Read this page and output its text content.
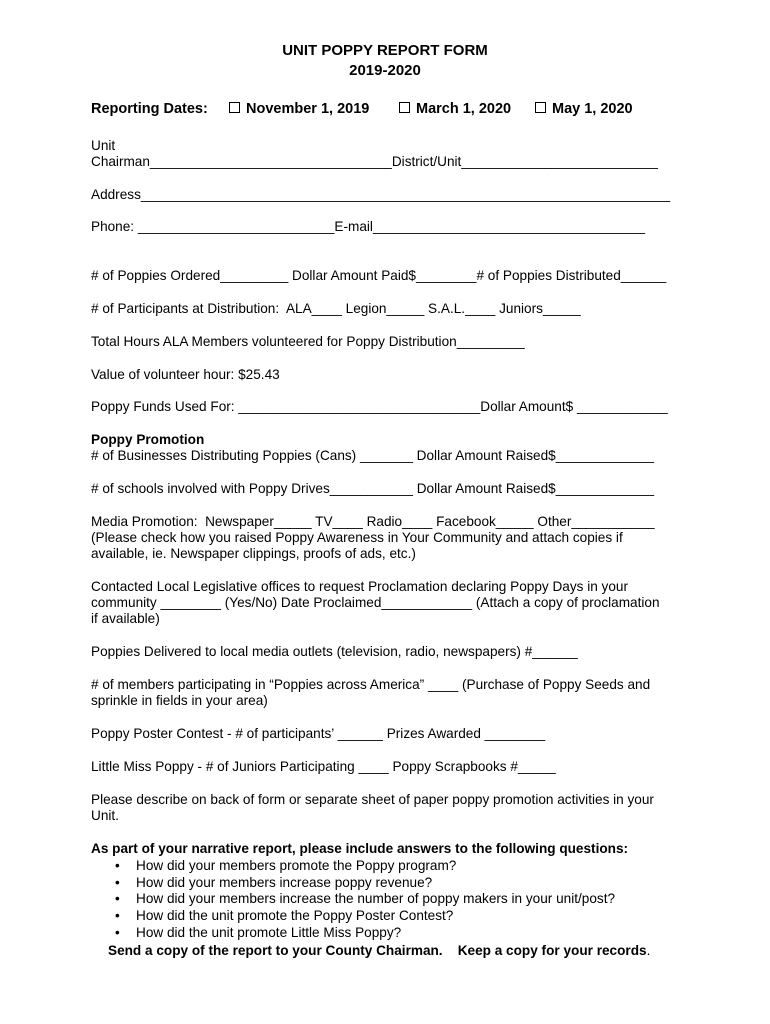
UNIT POPPY REPORT FORM
2019-2020

Reporting Dates:

	November 1, 2019

	March 1, 2020

	May 1, 2020

Unit
Chairman________________________________District/Unit__________________________
Address______________________________________________________________________
Phone: __________________________E-mail____________________________________
# of Poppies Ordered_________ Dollar Amount Paid$________# of Poppies Distributed______
# of Participants at Distribution:  ALA____ Legion_____ S.A.L.____ Juniors_____
Total Hours ALA Members volunteered for Poppy Distribution_________
Value of volunteer hour: $25.43
Poppy Funds Used For: ________________________________Dollar Amount$ ____________
Poppy Promotion
# of Businesses Distributing Poppies (Cans) _______ Dollar Amount Raised$_____________
# of schools involved with Poppy Drives___________ Dollar Amount Raised$_____________
Media Promotion:  Newspaper_____ TV____ Radio____ Facebook_____ Other___________
(Please check how you raised Poppy Awareness in Your Community and attach copies if
available, ie. Newspaper clippings, proofs of ads, etc.)
Contacted Local Legislative offices to request Proclamation declaring Poppy Days in your
community ________ (Yes/No) Date Proclaimed____________ (Attach a copy of proclamation
if available)
Poppies Delivered to local media outlets (television, radio, newspapers) #______
# of members participating in “Poppies across America” ____ (Purchase of Poppy Seeds and
sprinkle in fields in your area)
Poppy Poster Contest - # of participants’ ______ Prizes Awarded ________
Little Miss Poppy - # of Juniors Participating ____ Poppy Scrapbooks #_____
Please describe on back of form or separate sheet of paper poppy promotion activities in your
Unit.
As part of your narrative report, please include answers to the following questions:
• How did your members promote the Poppy program?
• How did your members increase poppy revenue?
• How did your members increase the number of poppy makers in your unit/post?
• How did the unit promote the Poppy Poster Contest?
• How did the unit promote Little Miss Poppy?
Send a copy of the report to your County Chairman. Keep a copy for your records.
